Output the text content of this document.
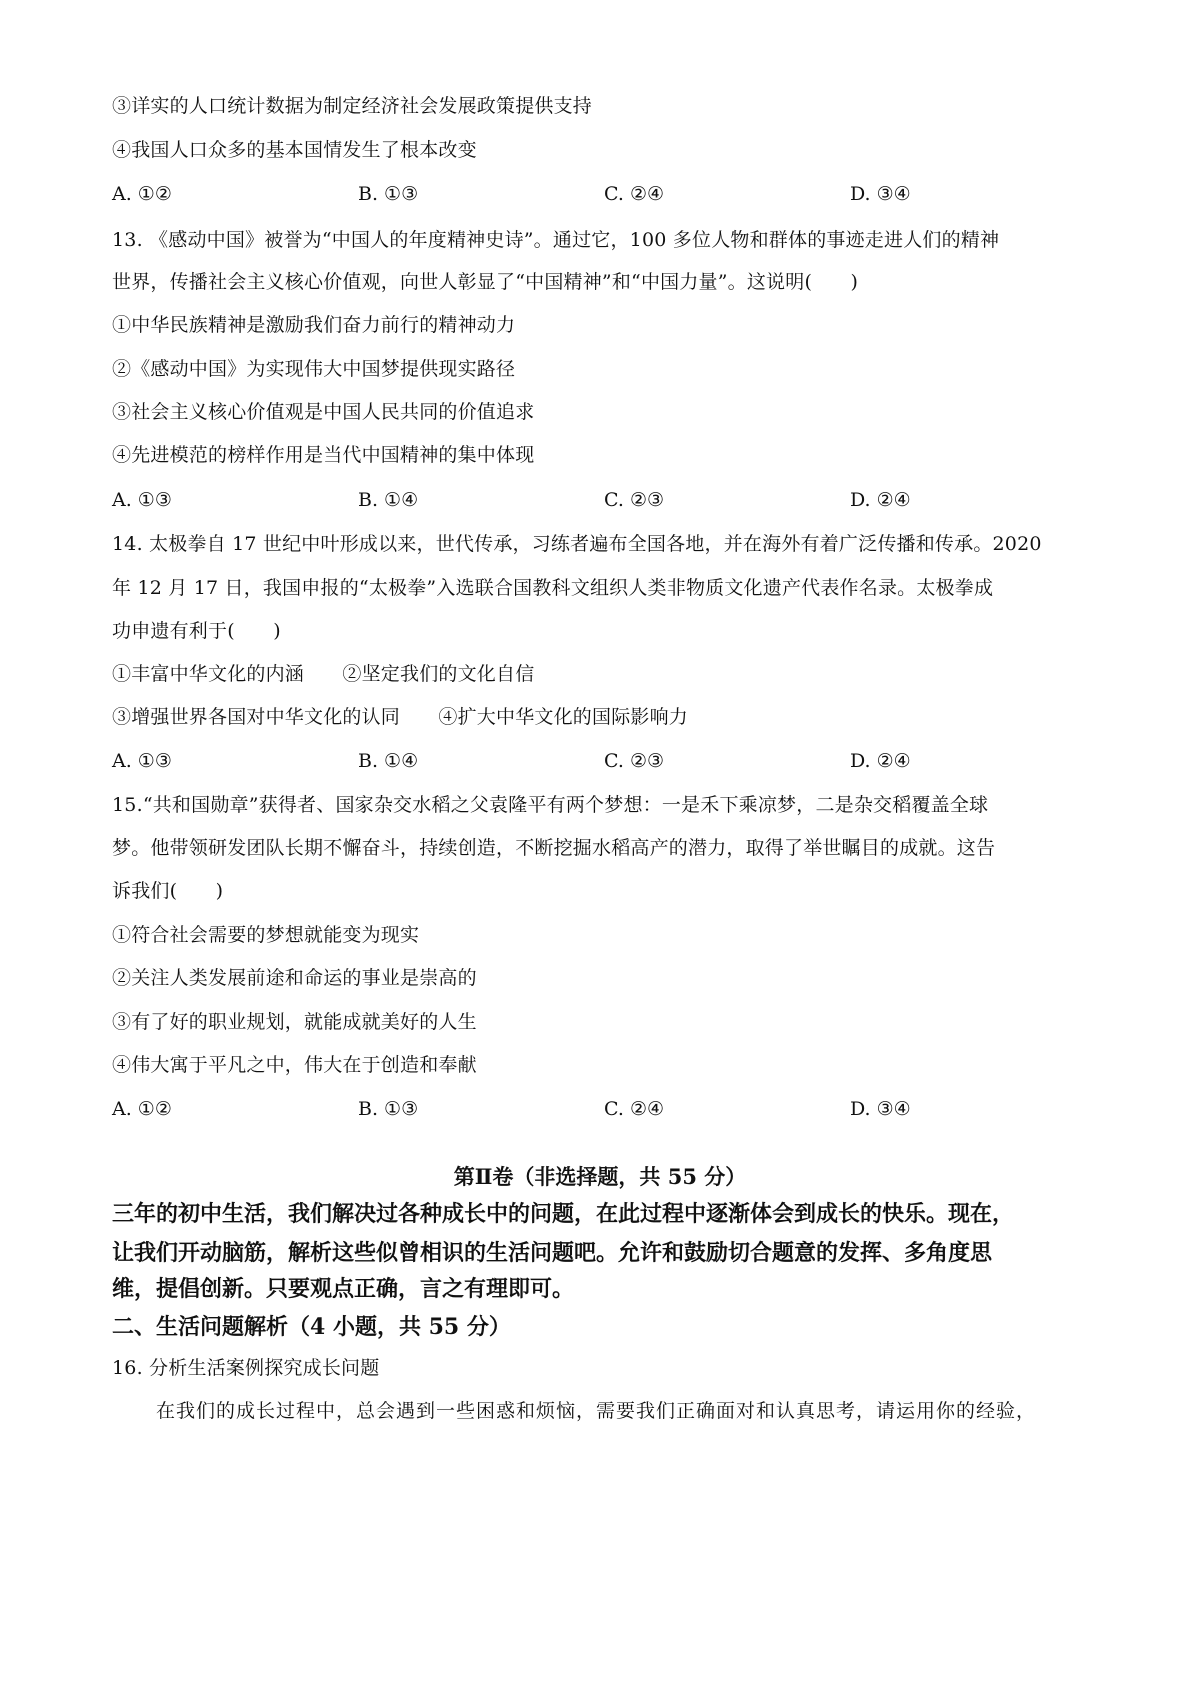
③详实的人口统计数据为制定经济社会发展政策提供支持
④我国人口众多的基本国情发生了根本改变
A. ①②	B. ①③	C. ②④	D. ③④
13. 《感动中国》被誉为“中国人的年度精神史诗”。通过它，100 多位人物和群体的事迹走进人们的精神
世界，传播社会主义核心价值观，向世人彰显了“中国精神”和“中国力量”。这说明(　　)
①中华民族精神是激励我们奋力前行的精神动力
②《感动中国》为实现伟大中国梦提供现实路径
③社会主义核心价值观是中国人民共同的价值追求
④先进模范的榜样作用是当代中国精神的集中体现
A. ①③	B. ①④	C. ②③	D. ②④
14. 太极拳自 17 世纪中叶形成以来，世代传承，习练者遍布全国各地，并在海外有着广泛传播和传承。2020
年 12 月 17 日，我国申报的“太极拳”入选联合国教科文组织人类非物质文化遗产代表作名录。太极拳成
功申遗有利于(　　)
①丰富中华文化的内涵　　②坚定我们的文化自信
③增强世界各国对中华文化的认同　　④扩大中华文化的国际影响力
A. ①③	B. ①④	C. ②③	D. ②④
15.“共和国勋章”获得者、国家杂交水稻之父袁隆平有两个梦想：一是禾下乘凉梦，二是杂交稻覆盖全球
梦。他带领研发团队长期不懈奋斗，持续创造，不断挖掘水稻高产的潜力，取得了举世瞩目的成就。这告
诉我们(　　)
①符合社会需要的梦想就能变为现实
②关注人类发展前途和命运的事业是崇高的
③有了好的职业规划，就能成就美好的人生
④伟大寓于平凡之中，伟大在于创造和奉献
A. ①②	B. ①③	C. ②④	D. ③④
第Ⅱ卷（非选择题，共 55 分）
三年的初中生活，我们解决过各种成长中的问题，在此过程中逐渐体会到成长的快乐。现在，
让我们开动脑筋，解析这些似曾相识的生活问题吧。允许和鼓励切合题意的发挥、多角度思
维，提倡创新。只要观点正确，言之有理即可。
二、生活问题解析（4 小题，共 55 分）
16. 分析生活案例探究成长问题
在我们的成长过程中，总会遇到一些困惑和烦恼，需要我们正确面对和认真思考，请运用你的经验，
